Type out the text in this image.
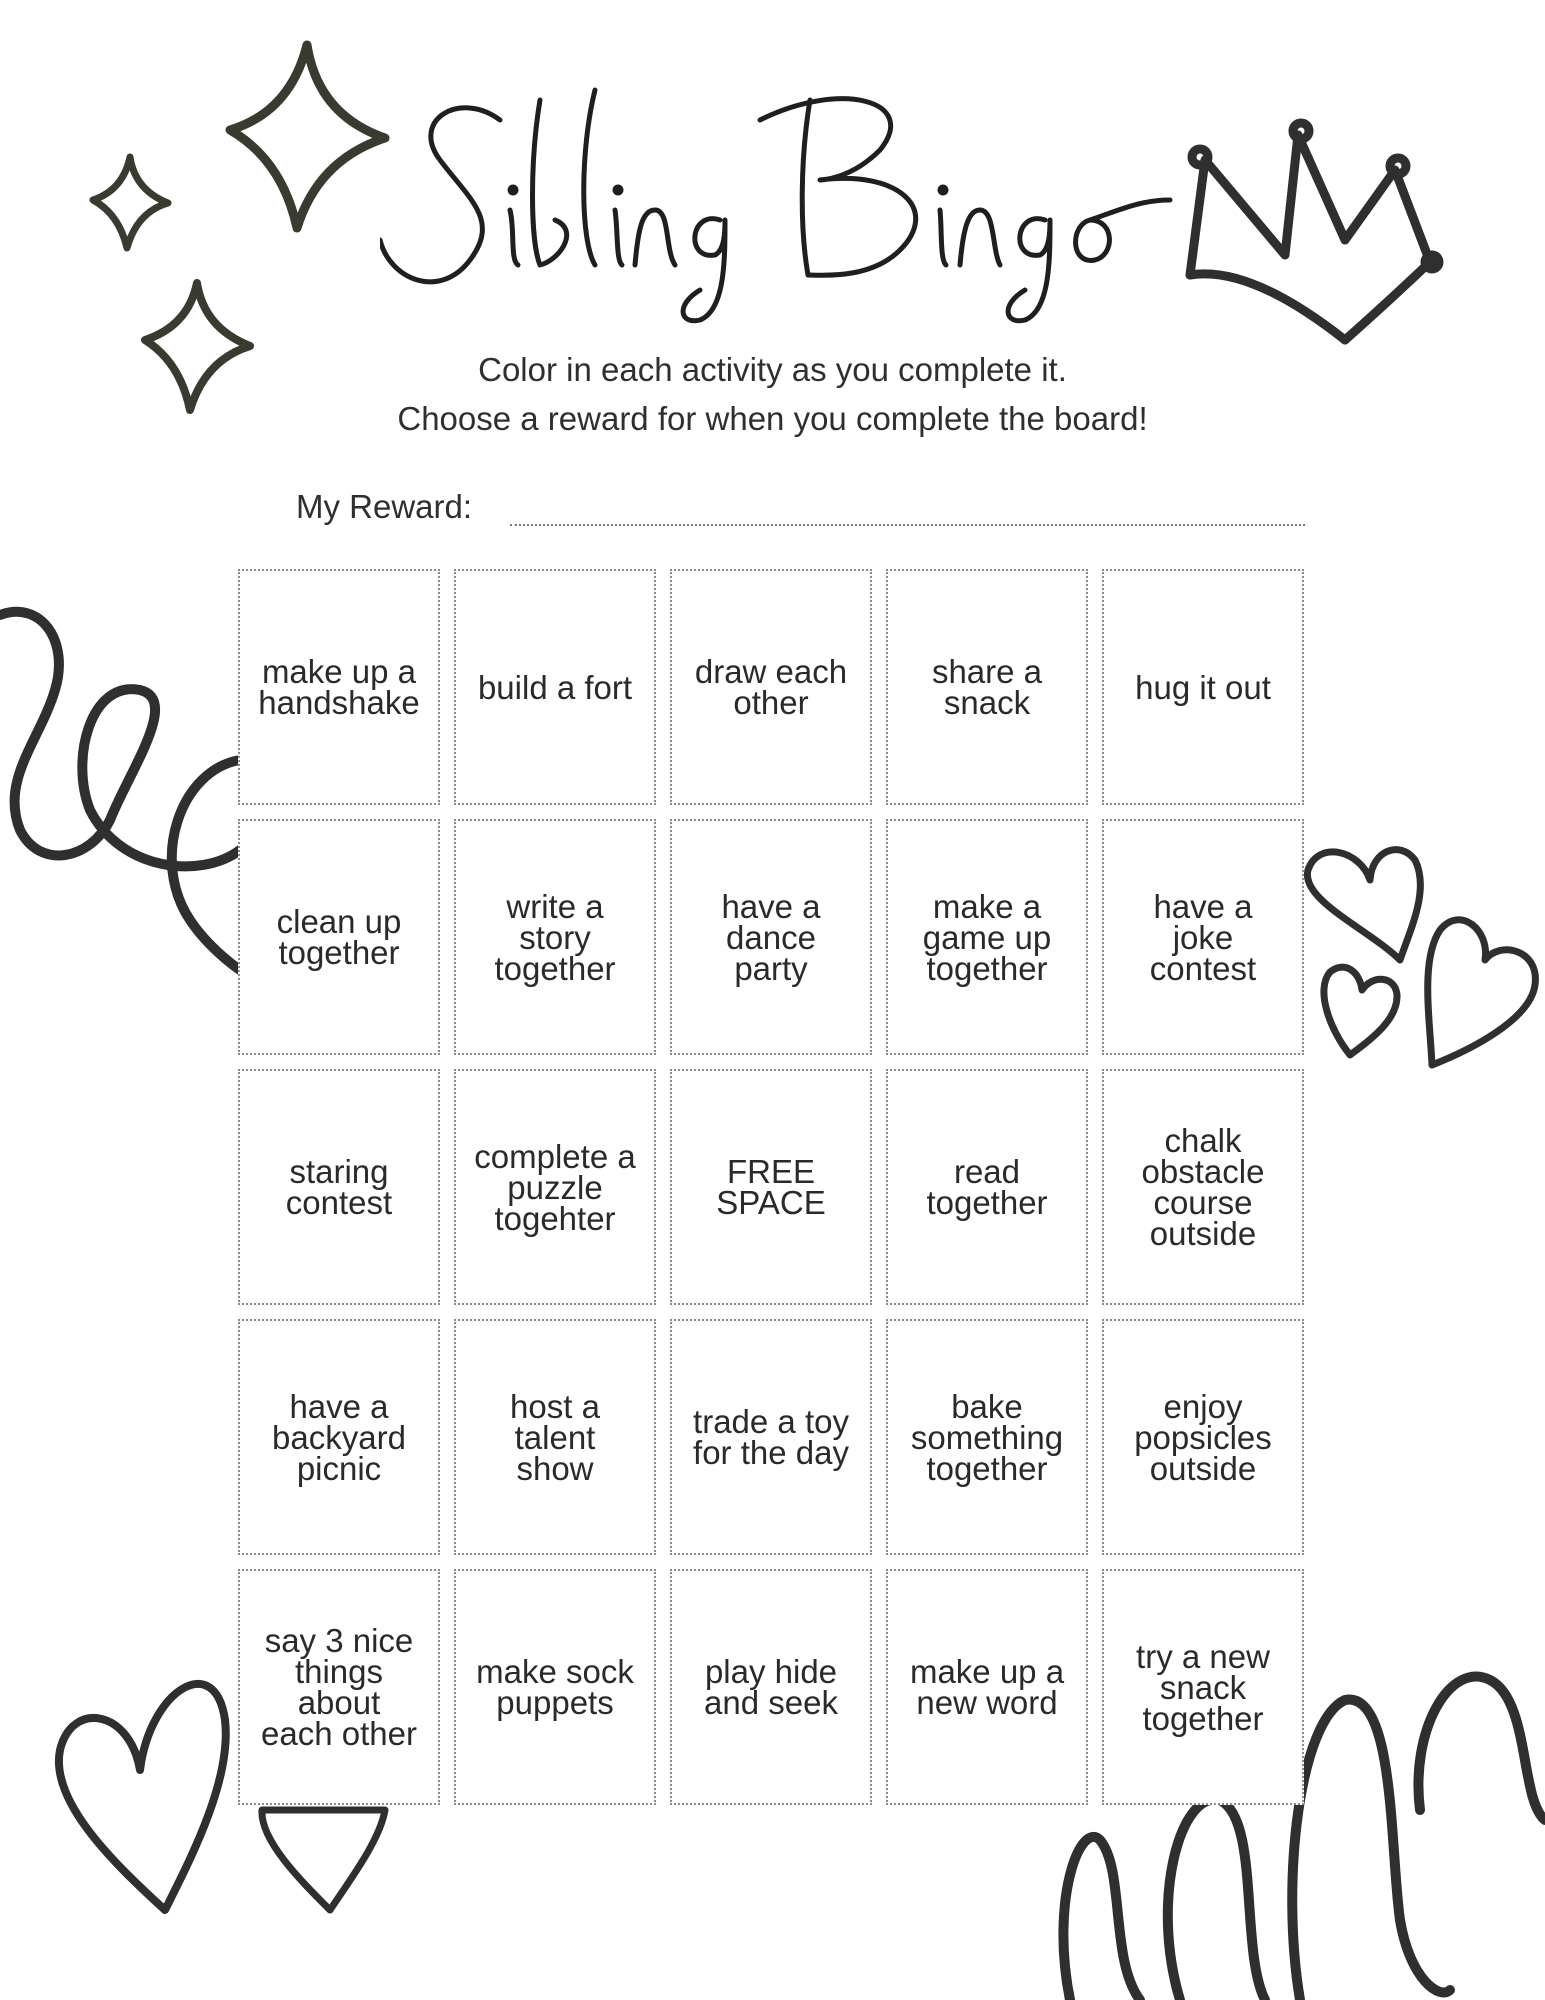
Color in each activity as you complete it.
Choose a reward for when you complete the board!
My Reward:
make up a
handshake build a fort draw each
other
share a
snack	hug it out
clean up
together
write a
story
together
have a
dance
party
make a
game up
together
have a
joke
contest
staring
contest
complete a
puzzle
togehter
FREE
SPACE
read
together
chalk
obstacle
course
outside
have a
backyard
picnic
host a
talent
show
trade a toy
for the day
bake
something
together
enjoy
popsicles
outside
say 3 nice
things
about
each other
make sock
puppets
play hide
and seek
make up a
new word
try a new
snack
together
